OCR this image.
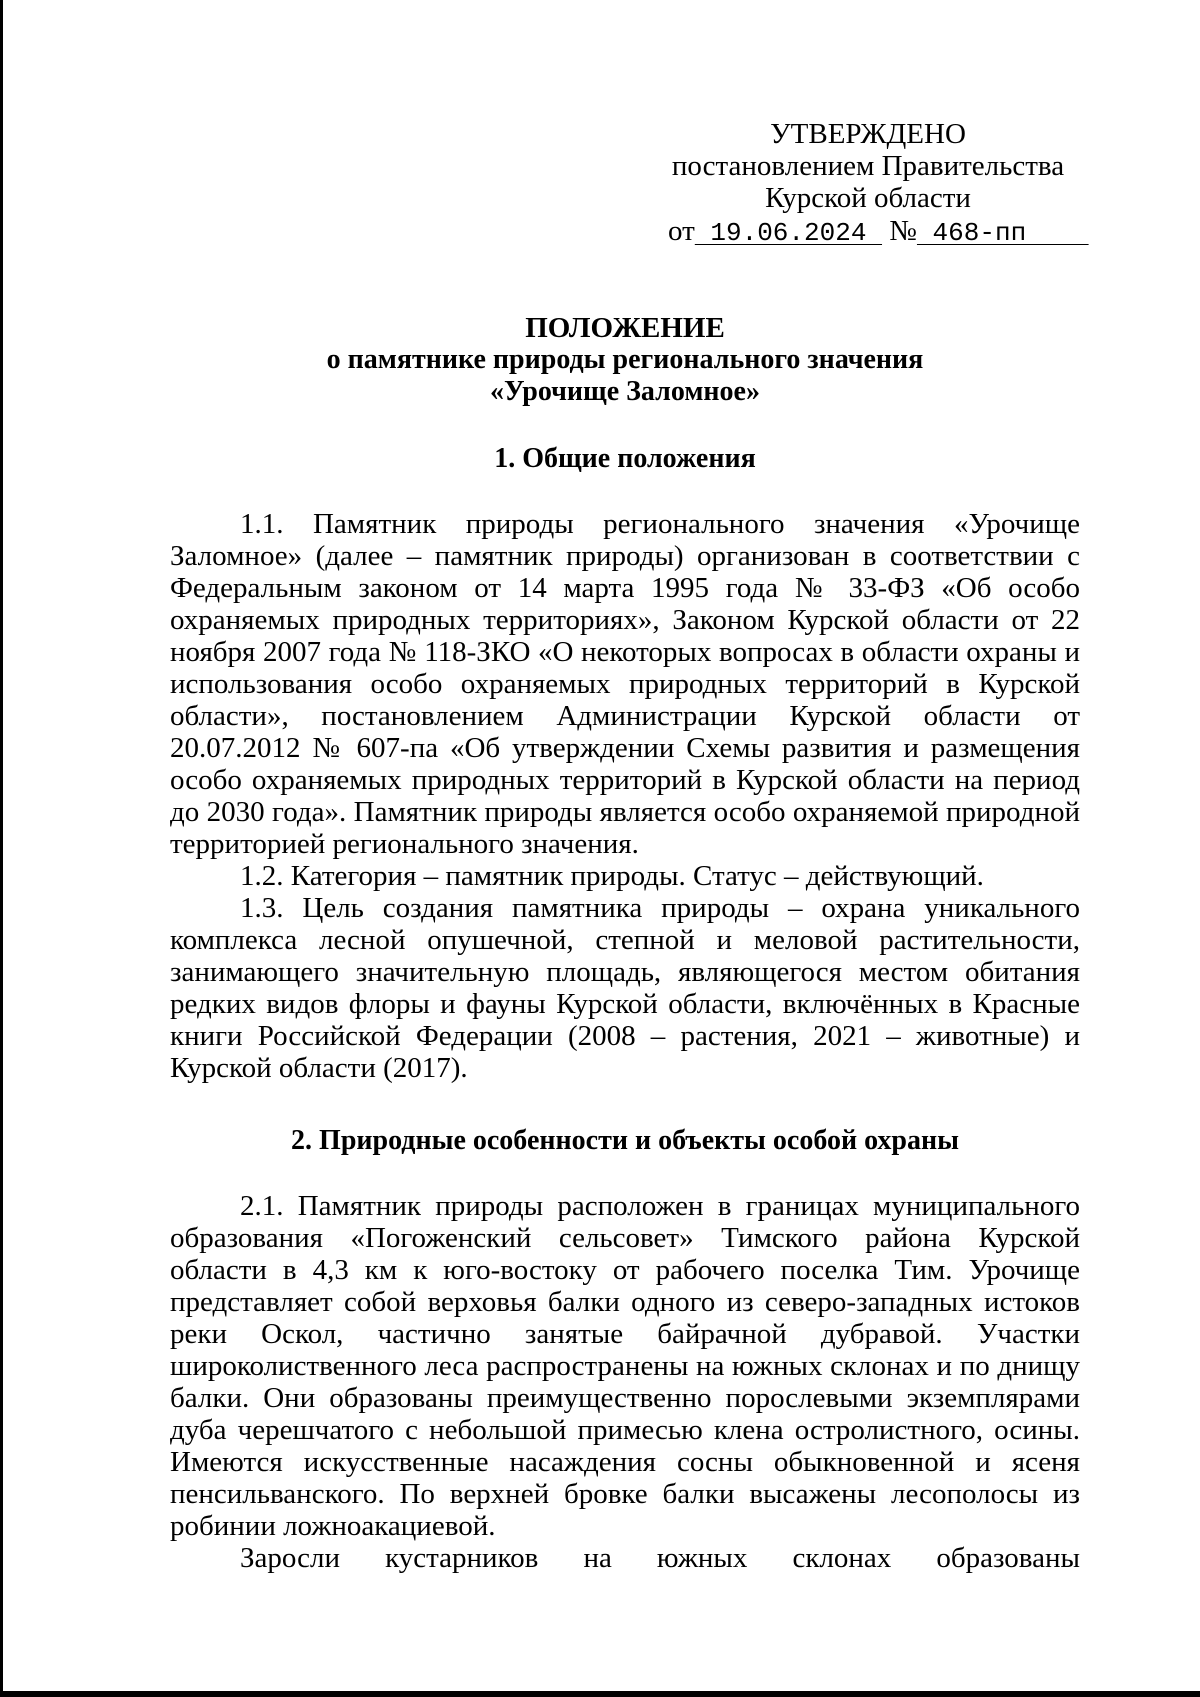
УТВЕРЖДЕНО
постановлением Правительства
Курской области
от 19.06.2024  № 468-пп
ПОЛОЖЕНИЕ
о памятнике природы регионального значения
«Урочище Заломное»
1. Общие положения

1.1. Памятник природы регионального значения «Урочище Заломное» (далее – памятник природы) организован в соответствии с Федеральным законом от 14 марта 1995 года № 33-ФЗ «Об особо охраняемых природных территориях», Законом Курской области от 22 ноября 2007 года № 118-ЗКО «О некоторых вопросах в области охраны и использования особо охраняемых природных территорий в Курской области», постановлением Администрации Курской области от 20.07.2012 № 607-па «Об утверждении Схемы развития и размещения особо охраняемых природных территорий в Курской области на период до 2030 года». Памятник природы является особо охраняемой природной территорией регионального значения.

1.2. Категория – памятник природы. Статус – действующий.

1.3. Цель создания памятника природы – охрана уникального комплекса лесной опушечной, степной и меловой растительности, занимающего значительную площадь, являющегося местом обитания редких видов флоры и фауны Курской области, включённых в Красные книги Российской Федерации (2008 – растения, 2021 – животные) и Курской области (2017).

2. Природные особенности и объекты особой охраны

2.1. Памятник природы расположен в границах муниципального образования «Погоженский сельсовет» Тимского района Курской области в 4,3 км к юго-востоку от рабочего поселка Тим. Урочище представляет собой верховья балки одного из северо-западных истоков реки Оскол, частично занятые байрачной дубравой. Участки широколиственного леса распространены на южных склонах и по днищу балки. Они образованы преимущественно порослевыми экземплярами дуба черешчатого с небольшой примесью клена остролистного, осины. Имеются искусственные насаждения сосны обыкновенной и ясеня пенсильванского. По верхней бровке балки высажены лесополосы из робинии ложноакациевой.

Заросли кустарников на южных склонах образованы
